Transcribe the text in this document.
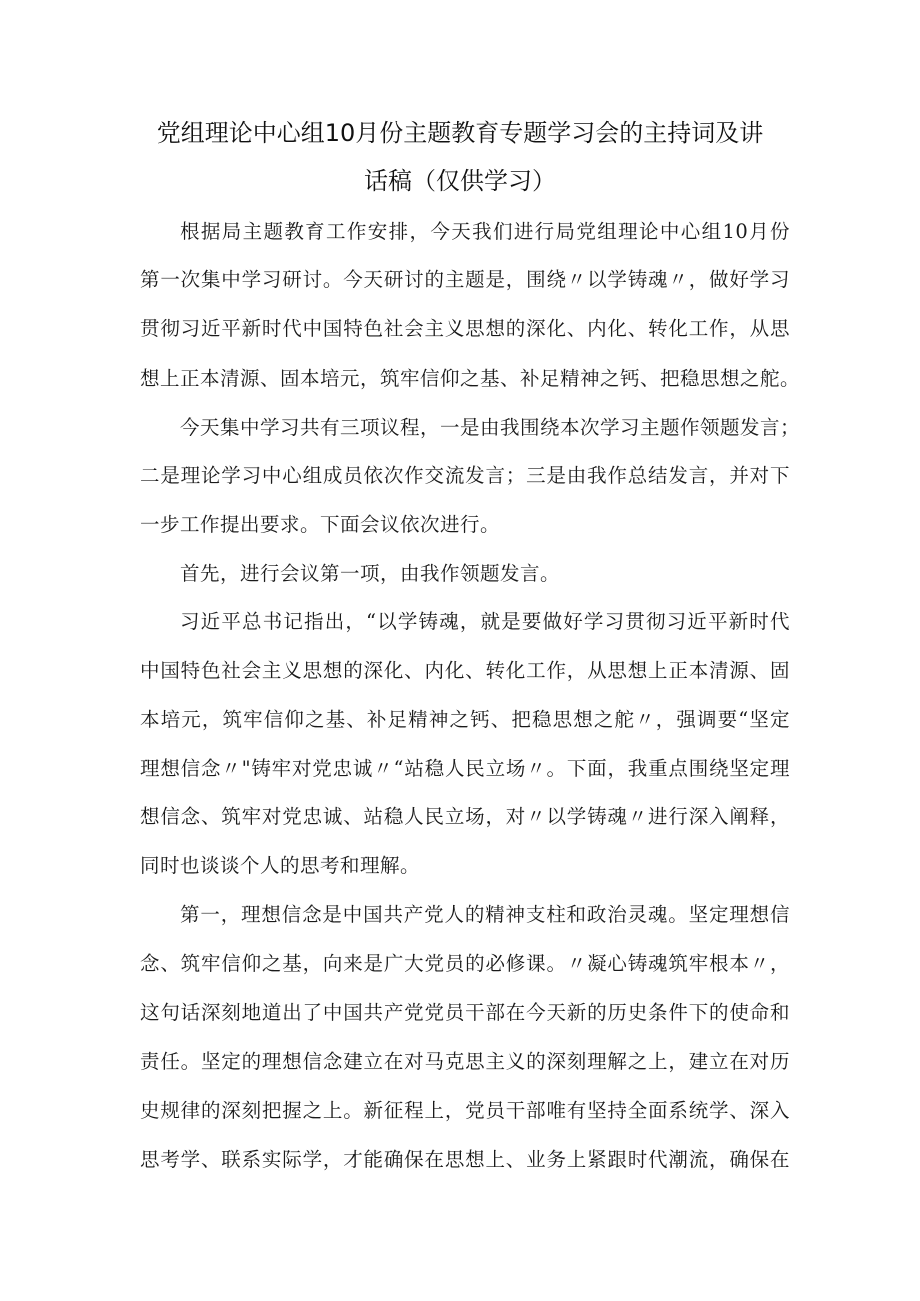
党组理论中心组10月份主题教育专题学习会的主持词及讲
话稿（仅供学习）
根据局主题教育工作安排，今天我们进行局党组理论中心组10月份
第一次集中学习研讨。今天研讨的主题是，围绕〃以学铸魂〃，做好学习
贯彻习近平新时代中国特色社会主义思想的深化、内化、转化工作，从思
想上正本清源、固本培元，筑牢信仰之基、补足精神之钙、把稳思想之舵。
今天集中学习共有三项议程，一是由我围绕本次学习主题作领题发言；
二是理论学习中心组成员依次作交流发言；三是由我作总结发言，并对下
一步工作提出要求。下面会议依次进行。
首先，进行会议第一项，由我作领题发言。
习近平总书记指出，“以学铸魂，就是要做好学习贯彻习近平新时代
中国特色社会主义思想的深化、内化、转化工作，从思想上正本清源、固
本培元，筑牢信仰之基、补足精神之钙、把稳思想之舵〃，强调要“坚定
理想信念〃"铸牢对党忠诚〃“站稳人民立场〃。下面，我重点围绕坚定理
想信念、筑牢对党忠诚、站稳人民立场，对〃以学铸魂〃进行深入阐释，
同时也谈谈个人的思考和理解。
第一，理想信念是中国共产党人的精神支柱和政治灵魂。坚定理想信
念、筑牢信仰之基，向来是广大党员的必修课。〃凝心铸魂筑牢根本〃，
这句话深刻地道出了中国共产党党员干部在今天新的历史条件下的使命和
责任。坚定的理想信念建立在对马克思主义的深刻理解之上，建立在对历
史规律的深刻把握之上。新征程上，党员干部唯有坚持全面系统学、深入
思考学、联系实际学，才能确保在思想上、业务上紧跟时代潮流，确保在
